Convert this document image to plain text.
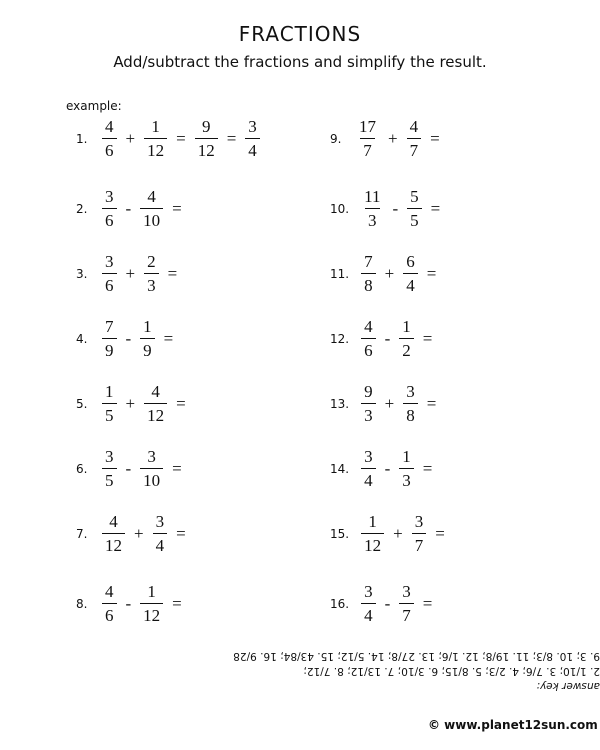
FRACTIONS
Add/subtract the fractions and simplify the result.
example:
1. $\frac{4}{6} + \frac{1}{12} = \frac{9}{12} = \frac{3}{4}$
2. $\frac{3}{6} - \frac{4}{10}$ =
3. $\frac{3}{6} + \frac{2}{3}$ =
4. $\frac{7}{9} - \frac{1}{9}$ =
5. $\frac{1}{5} + \frac{4}{12}$ =
6. $\frac{3}{5} - \frac{3}{10}$ =
7. $\frac{4}{12} + \frac{3}{4}$ =
8. $\frac{4}{6} - \frac{1}{12}$ =
9. $\frac{17}{7} + \frac{4}{7}$ =
10. $\frac{11}{3} - \frac{5}{5}$ =
11. $\frac{7}{8} + \frac{6}{4}$ =
12. $\frac{4}{6} - \frac{1}{2}$ =
13. $\frac{9}{3} + \frac{3}{8}$ =
14. $\frac{3}{4} - \frac{1}{3}$ =
15. $\frac{1}{12} + \frac{3}{7}$ =
16. $\frac{3}{4} - \frac{3}{7}$ =
answer key:
2. 1/10; 3. 7/6; 4. 2/3; 5. 8/15; 6. 3/10; 7. 13/12; 8. 7/12;
9. 3; 10. 8/3; 11. 19/8; 12. 1/6; 13. 27/8; 14. 5/12; 15. 43/84; 16. 9/28
© www.planet12sun.com
